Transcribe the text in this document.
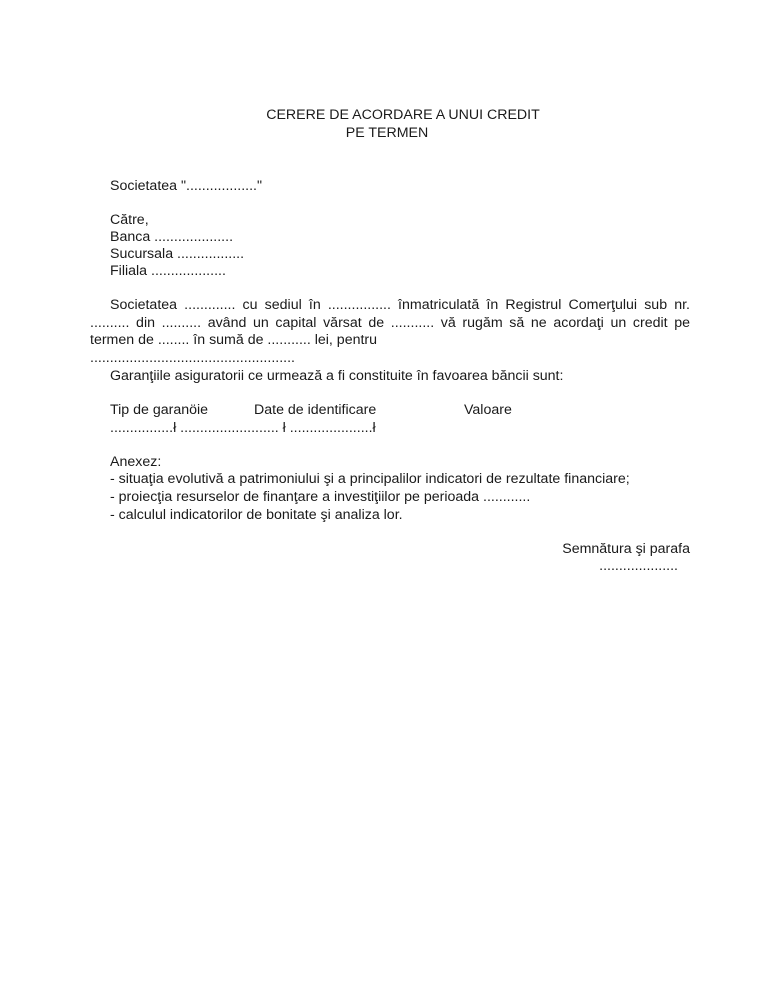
CERERE DE ACORDARE A UNUI CREDIT
PE TERMEN
Societatea ".................."
Către,
Banca ....................
Sucursala .................
Filiala ...................
Societatea ............. cu sediul în ................ înmatriculată în Registrul Comerţului sub nr. .......... din .......... având un capital vărsat de ........... vă rugăm să ne acordaţi un credit pe termen de ........ în sumă de ........... lei, pentru
....................................................
Garanţiile asiguratorii ce urmează a fi constituite în favoarea băncii sunt:
Tip de garanöie	Date de identificare	Valoare
................ł ......................... ł .....................ł
Anexez:
- situaţia evolutivă a patrimoniului şi a principalilor indicatori de rezultate financiare;
- proiecţia resurselor de finanţare a investiţiilor pe perioada ............
- calculul indicatorilor de bonitate şi analiza lor.
Semnătura şi parafa
....................
